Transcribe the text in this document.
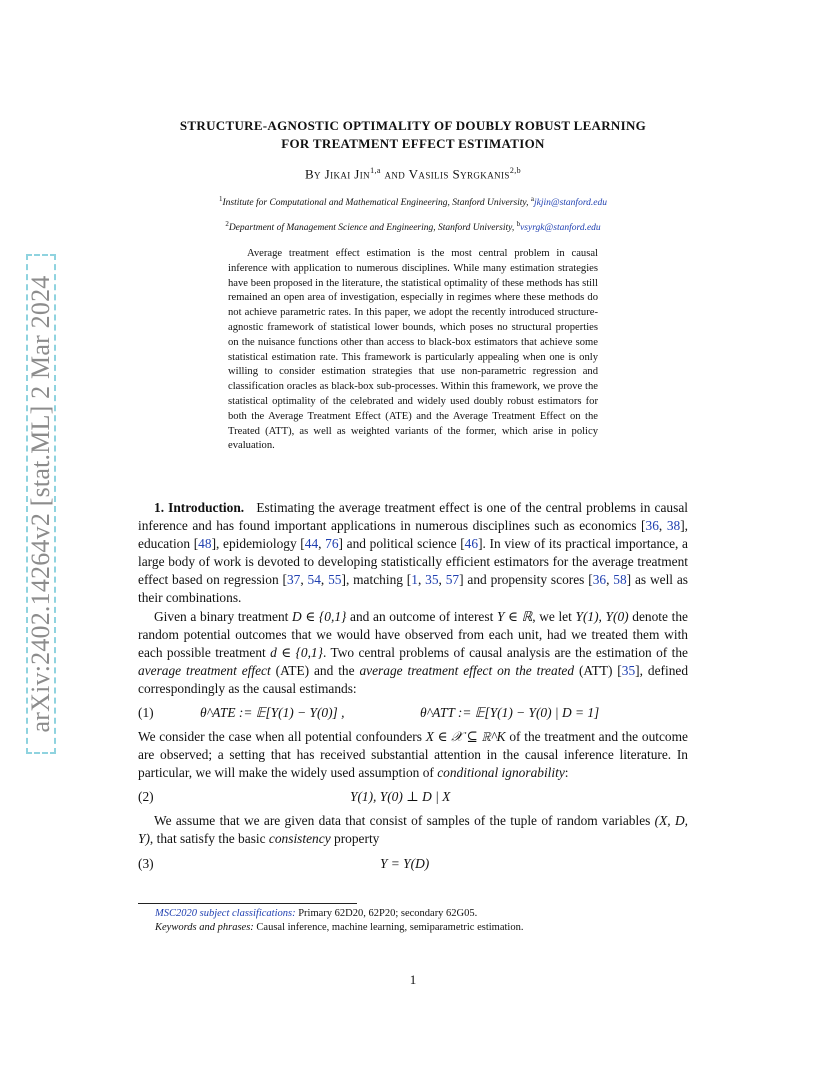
arXiv:2402.14264v2 [stat.ML] 2 Mar 2024
STRUCTURE-AGNOSTIC OPTIMALITY OF DOUBLY ROBUST LEARNING
FOR TREATMENT EFFECT ESTIMATION
By Jikai Jin$^{1,a}$ and Vasilis Syrgkanis$^{2,b}$
$^1$Institute for Computational and Mathematical Engineering, Stanford University, $^a$jkjin@stanford.edu
$^2$Department of Management Science and Engineering, Stanford University, $^b$vsyrgk@stanford.edu

Average treatment effect estimation is the most central problem in causal inference with application to numerous disciplines. While many estimation strategies have been proposed in the literature, the statistical optimality of these methods has still remained an open area of investigation, especially in regimes where these methods do not achieve parametric rates. In this paper, we adopt the recently introduced structure-agnostic framework of statistical lower bounds, which poses no structural properties on the nuisance functions other than access to black-box estimators that achieve some statistical estimation rate. This framework is particularly appealing when one is only willing to consider estimation strategies that use non-parametric regression and classification oracles as black-box sub-processes. Within this framework, we prove the statistical optimality of the celebrated and widely used doubly robust estimators for both the Average Treatment Effect (ATE) and the Average Treatment Effect on the Treated (ATT), as well as weighted variants of the former, which arise in policy evaluation.

1. Introduction. Estimating the average treatment effect is one of the central problems in causal inference and has found important applications in numerous disciplines such as economics [36, 38], education [48], epidemiology [44, 76] and political science [46]. In view of its practical importance, a large body of work is devoted to developing statistically efficient estimators for the average treatment effect based on regression [37, 54, 55], matching [1, 35, 57] and propensity scores [36, 58] as well as their combinations.

Given a binary treatment D ∈ {0,1} and an outcome of interest Y ∈ ℝ, we let Y(1), Y(0) denote the random potential outcomes that we would have observed from each unit, had we treated them with each possible treatment d ∈ {0,1}. Two central problems of causal analysis are the estimation of the average treatment effect (ATE) and the average treatment effect on the treated (ATT) [35], defined correspondingly as the causal estimands:

(1)	θ^ATE := 𝔼[Y(1) − Y(0)] ,	θ^ATT := 𝔼[Y(1) − Y(0) | D = 1]

We consider the case when all potential confounders X ∈ 𝒳 ⊆ ℝ^K of the treatment and the outcome are observed; a setting that has received substantial attention in the causal inference literature. In particular, we will make the widely used assumption of conditional ignorability:

(2)	Y(1), Y(0) ⊥ D | X

We assume that we are given data that consist of samples of the tuple of random variables (X, D, Y), that satisfy the basic consistency property

(3)	Y = Y(D)
MSC2020 subject classifications: Primary 62D20, 62P20; secondary 62G05.
Keywords and phrases: Causal inference, machine learning, semiparametric estimation.
1
